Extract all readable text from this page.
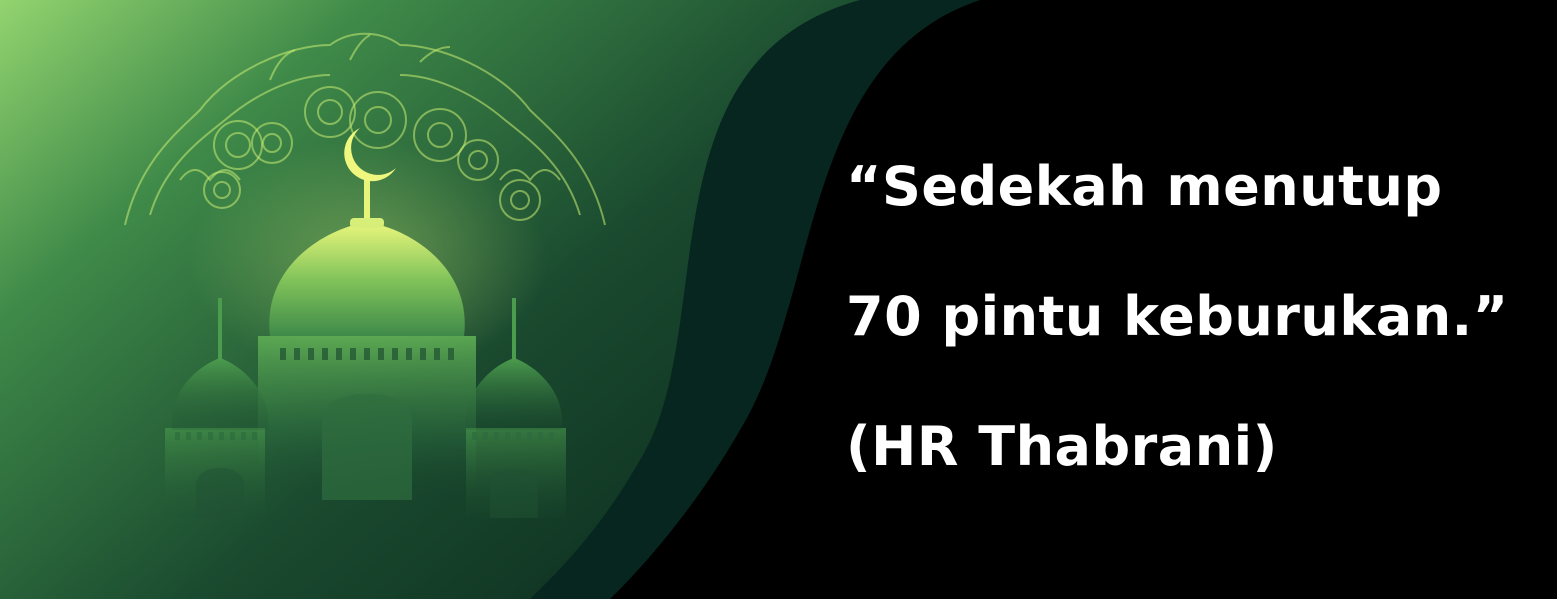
“Sedekah menutup
70 pintu keburukan.”
(HR Thabrani)
